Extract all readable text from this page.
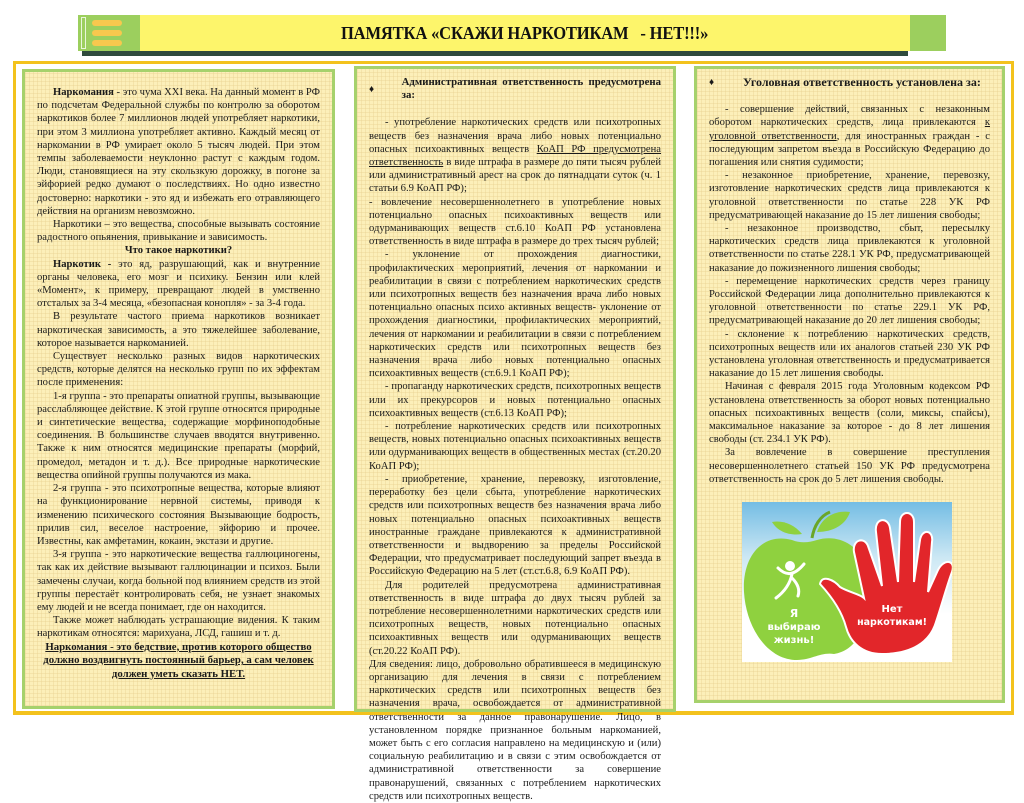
ПАМЯТКА «СКАЖИ НАРКОТИКАМ   - НЕТ!!!»

Наркомания - это чума XXI века. На данный момент в РФ по подсчетам Федеральной службы по контролю за оборотом наркотиков более 7 миллионов людей употребляет наркотики, при этом 3 миллиона употребляет активно. Каждый месяц от наркомании в РФ умирает около 5 тысяч людей. При этом темпы заболеваемости неуклонно растут с каждым годом. Люди, становящиеся на эту скользкую дорожку, в погоне за эйфорией редко думают о последствиях. Но одно известно достоверно: наркотики - это яд и избежать его отравляющего действия на организм невозможно.

Наркотики – это вещества, способные вызывать состояние радостного опьянения, привыкание и зависимость.

Что такое наркотики?

Наркотик - это яд, разрушающий, как и внутренние органы человека, его мозг и психику. Бензин или клей «Момент», к примеру, превращают людей в умственно отсталых за 3-4 месяца, «безопасная конопля» - за 3-4 года.

В результате частого приема наркотиков возникает наркотическая зависимость, а это тяжелейшее заболевание, которое называется наркоманией.

Существует несколько разных видов наркотических средств, которые делятся на несколько групп по их эффектам после применения:

1-я группа - это препараты опиатной группы, вызывающие расслабляющее действие. К этой группе относятся природные и синтетические вещества, содержащие морфиноподобные соединения. В большинстве случаев вводятся внутривенно. Также к ним относятся медицинские препараты (морфий, промедол, метадон и т. д.). Все природные наркотические вещества опийной группы получаются из мака.

2-я группа - это психотропные вещества, которые влияют на функционирование нервной системы, приводя к изменению психического состояния Вызывающие бодрость, прилив сил, веселое настроение, эйфорию и прочее. Известны, как амфетамин, кокаин, экстази и другие.

3-я группа - это наркотические вещества галлюциногены, так как их действие вызывают галлюцинации и психоз. Были замечены случаи, когда больной под влиянием средств из этой группы перестаёт контролировать себя, не узнает знакомых ему людей и не всегда понимает, где он находится.

Также может наблюдать устрашающие видения. К таким наркотикам относятся: марихуана, ЛСД, гашиш и т. д.

Наркомания - это бедствие, против которого общество должно воздвигнуть постоянный барьер, а сам человек должен уметь сказать НЕТ.

♦
Административная ответственность предусмотрена за:

- употребление наркотических средств или психотропных веществ без назначения врача либо новых потенциально опасных психоактивных веществ КоАП РФ предусмотрена ответственность в виде штрафа в размере до пяти тысяч рублей или административный арест на срок до пятнадцати суток (ч. 1 статьи 6.9 КоАП РФ);

- вовлечение несовершеннолетнего в употребление новых потенциально опасных психоактивных веществ или одурманивающих веществ ст.6.10 КоАП РФ установлена ответственность в виде штрафа в размере до трех тысяч рублей;

- уклонение от прохождения диагностики, профилактических мероприятий, лечения от наркомании и реабилитации в связи с потреблением наркотических средств или психотропных веществ без назначения врача либо новых потенциально опасных психо активных веществ- уклонение от прохождения диагностики, профилактических мероприятий, лечения от наркомании и реабилитации в связи с потреблением наркотических средств или психотропных веществ без назначения врача либо новых потенциально опасных психоактивных веществ (ст.6.9.1 КоАП РФ);

- пропаганду наркотических средств, психотропных веществ или их прекурсоров и новых потенциально опасных психоактивных веществ (ст.6.13 КоАП РФ);

- потребление наркотических средств или психотропных веществ, новых потенциально опасных психоактивных веществ или одурманивающих веществ в общественных местах (ст.20.20 КоАП РФ);

- приобретение, хранение, перевозку, изготовление, переработку без цели сбыта, употребление наркотических средств или психотропных веществ без назначения врача либо новых потенциально опасных психоактивных веществ иностранные граждане привлекаются к административной ответственности и выдворению за пределы Российской Федерации, что предусматривает последующий запрет въезда в Российскую Федерацию на 5 лет (ст.ст.6.8, 6.9 КоАП РФ).

Для родителей предусмотрена административная ответственность в виде штрафа до двух тысяч рублей за потребление несовершеннолетними наркотических средств или психотропных веществ, новых потенциально опасных психоактивных веществ или одурманивающих веществ (ст.20.22 КоАП РФ).

Для сведения: лицо, добровольно обратившееся в медицинскую организацию для лечения в связи с потреблением наркотических средств или психотропных веществ без назначения врача, освобождается от административной ответственности за данное правонарушение. Лицо, в установленном порядке признанное больным наркоманией, может быть с его согласия направлено на медицинскую и (или) социальную реабилитацию и в связи с этим освобождается от административной ответственности за совершение правонарушений, связанных с потреблением наркотических средств или психотропных веществ.

♦	Уголовная ответственность установлена за:

- совершение действий, связанных с незаконным оборотом наркотических средств, лица привлекаются к уголовной ответственности, для иностранных граждан - с последующим запретом въезда в Российскую Федерацию до погашения или снятия судимости;

- незаконное приобретение, хранение, перевозку, изготовление наркотических средств лица привлекаются к уголовной ответственности по статье 228 УК РФ предусматривающей наказание до 15 лет лишения свободы;

- незаконное производство, сбыт, пересылку наркотических средств лица привлекаются к уголовной ответственности по статье 228.1 УК РФ, предусматривающей наказание до пожизненного лишения свободы;

- перемещение наркотических средств через границу Российской Федерации лица дополнительно привлекаются к уголовной ответственности по статье 229.1 УК РФ, предусматривающей наказание до 20 лет лишения свободы;

- склонение к потреблению наркотических средств, психотропных веществ или их аналогов статьей 230 УК РФ установлена уголовная ответственность и предусматривается наказание до 15 лет лишения свободы.

Начиная с февраля 2015 года Уголовным кодексом РФ установлена ответственность за оборот новых потенциально опасных психоактивных веществ (соли, миксы, спайсы), максимальное наказание за которое - до 8 лет лишения свободы (ст. 234.1 УК РФ).

За вовлечение в совершение преступления несовершеннолетнего статьей 150 УК РФ предусмотрена ответственность на срок до 5 лет лишения свободы.

Я
выбираю
жизнь!
Нет
наркотикам!
